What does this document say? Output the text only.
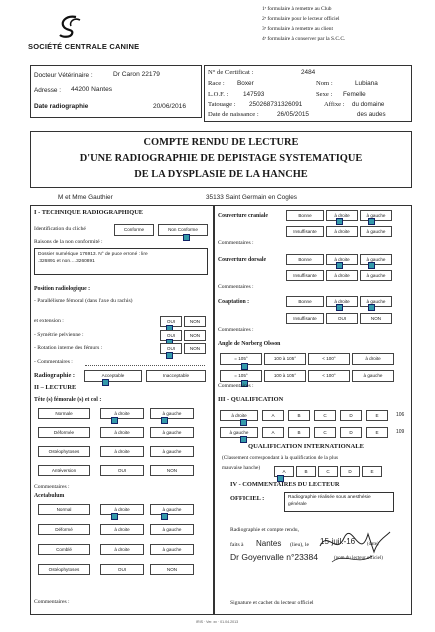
SOCIÉTÉ CENTRALE CANINE
1ᵉ formulaire à remettre au Club
2ᵉ formulaire pour le lecteur officiel
3ᵉ formulaire à remettre au client
4ᵉ formulaire à conserver par la S.C.C.
Docteur Vétérinaire :	Dr Caron 22179
Adresse : 44200 Nantes
Date radiographie	20/06/2016
N° de Certificat :	2484
Race : Boxer	Nom :	Lubiana
L.O.F. : 147593	Sexe : Femelle
Tatouage : 250268731326091	Affixe : du domaine
Date de naissance :	26/05/2015	des audes
COMPTE RENDU DE LECTURE
D'UNE RADIOGRAPHIE DE DEPISTAGE SYSTEMATIQUE
DE LA DYSPLASIE DE LA HANCHE
M et Mme Gauthier	35133 Saint Germain en Cogles
I - TECHNIQUE RADIOGRAPHIQUE
Identification du cliché	Conforme	Non Conforme
Raisons de la non conformité :
Dossier numérique 176913. N° de puce erroné : lire
.326891 et non….3260891
Position radiologique :
- Parallélisme fémoral (dans l'axe du rachis)
et extension :	OUI	NON
- Symétrie pelvienne :	OUI	NON
- Rotation interne des fémurs :	OUI	NON
- Commentaires :
Radiographie :	Acceptable	Inacceptable
II – LECTURE
Tête (s) fémorale (s) et col :
Normale	à droite	à gauche
Déformée	à droite	à gauche
Ostéophytoses	à droite	à gauche
Antéversion	OUI	NON
Commentaires :
Acetabulum
Normal	à droite	à gauche
Déformé	à droite	à gauche
Comblé	à droite	à gauche
Ostéophytoses	OUI	NON
Commentaires :
Couverture craniale	Bonne	à droite	à gauche
Insuffisante	à droite	à gauche
Commentaires :
Couverture dorsale	Bonne	à droite	à gauche
Insuffisante	à droite	à gauche
Commentaires :
Coaptation :	Bonne	à droite	à gauche
Insuffisante	OUI	NON
Commentaires :
Angle de Norberg Olsson
= 105°	100 à 105°	< 100°	à droite
= 105°	100 à 105°	< 100°	à gauche
Commentaires :
III - QUALIFICATION
à droite	A	B	C	D	E
à gauche	A	B	C	D	E
106
109
QUALIFICATION INTERNATIONALE
(Classement correspondant à la qualification de la plus
mauvaise hanche)
A	B	C	D	E
IV - COMMENTAIRES DU LECTEUR
OFFICIEL :	Radiographie réalisée sous anesthésie
générale
Radiographie et compte rendu,
faits à Nantes (lieu), le 15-juil.-16 (date)
Dr Goyenvalle n°23384	(nom du lecteur officiel)
Signature et cachet du lecteur officiel
IRIS · Ver. xx · 01.04.2013
